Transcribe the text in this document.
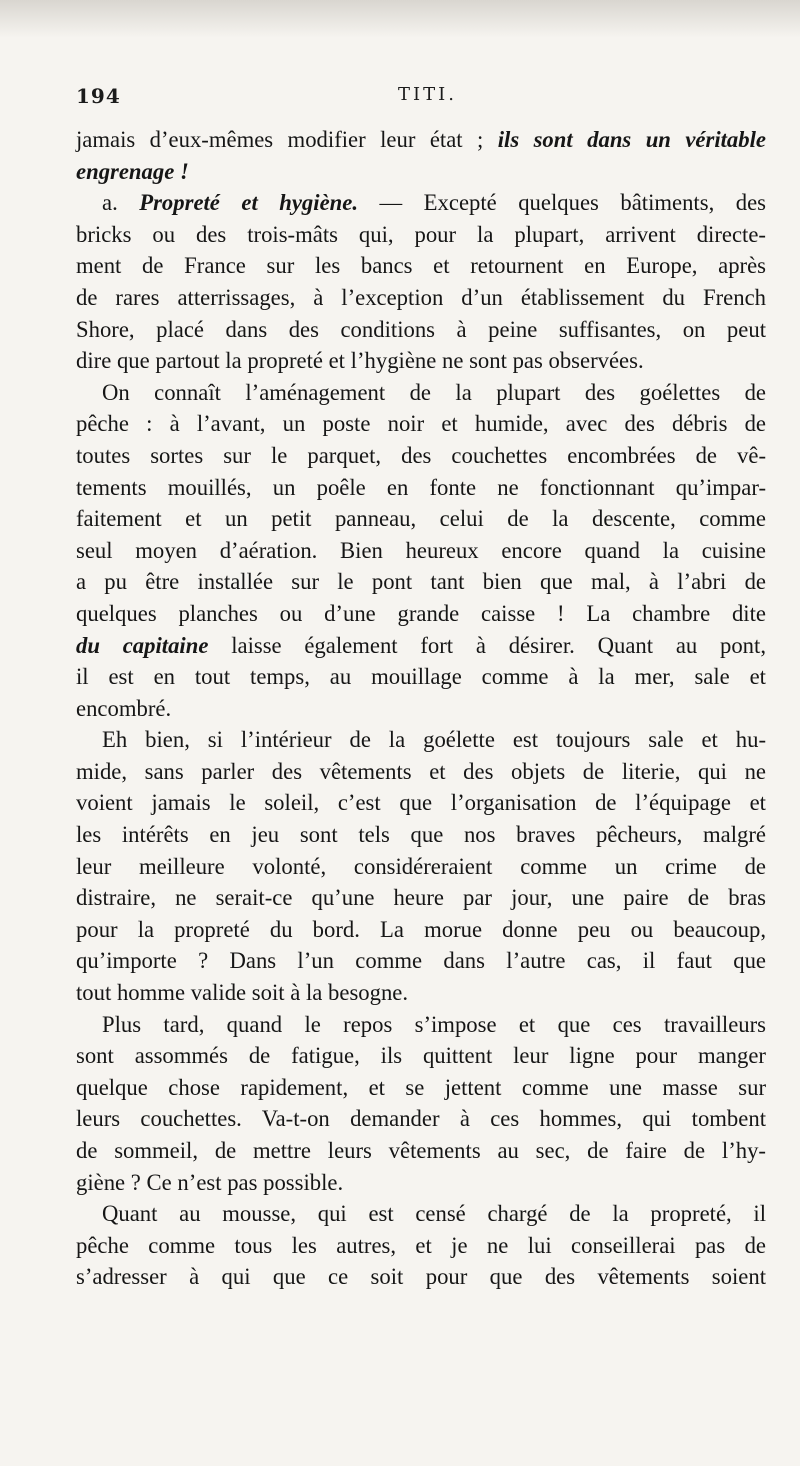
194	TITI.
jamais d’eux-mêmes modifier leur état ; ils sont dans un véritable
engrenage !
a. Propreté et hygiène. — Excepté quelques bâtiments, des
bricks ou des trois-mâts qui, pour la plupart, arrivent directe-
ment de France sur les bancs et retournent en Europe, après
de rares atterrissages, à l’exception d’un établissement du French
Shore, placé dans des conditions à peine suffisantes, on peut
dire que partout la propreté et l’hygiène ne sont pas observées.
On connaît l’aménagement de la plupart des goélettes de
pêche : à l’avant, un poste noir et humide, avec des débris de
toutes sortes sur le parquet, des couchettes encombrées de vê-
tements mouillés, un poêle en fonte ne fonctionnant qu’impar-
faitement et un petit panneau, celui de la descente, comme
seul moyen d’aération. Bien heureux encore quand la cuisine
a pu être installée sur le pont tant bien que mal, à l’abri de
quelques planches ou d’une grande caisse ! La chambre dite
du capitaine laisse également fort à désirer. Quant au pont,
il est en tout temps, au mouillage comme à la mer, sale et
encombré.
Eh bien, si l’intérieur de la goélette est toujours sale et hu-
mide, sans parler des vêtements et des objets de literie, qui ne
voient jamais le soleil, c’est que l’organisation de l’équipage et
les intérêts en jeu sont tels que nos braves pêcheurs, malgré
leur meilleure volonté, considéreraient comme un crime de
distraire, ne serait-ce qu’une heure par jour, une paire de bras
pour la propreté du bord. La morue donne peu ou beaucoup,
qu’importe ? Dans l’un comme dans l’autre cas, il faut que
tout homme valide soit à la besogne.
Plus tard, quand le repos s’impose et que ces travailleurs
sont assommés de fatigue, ils quittent leur ligne pour manger
quelque chose rapidement, et se jettent comme une masse sur
leurs couchettes. Va-t-on demander à ces hommes, qui tombent
de sommeil, de mettre leurs vêtements au sec, de faire de l’hy-
giène ? Ce n’est pas possible.
Quant au mousse, qui est censé chargé de la propreté, il
pêche comme tous les autres, et je ne lui conseillerai pas de
s’adresser à qui que ce soit pour que des vêtements soient
